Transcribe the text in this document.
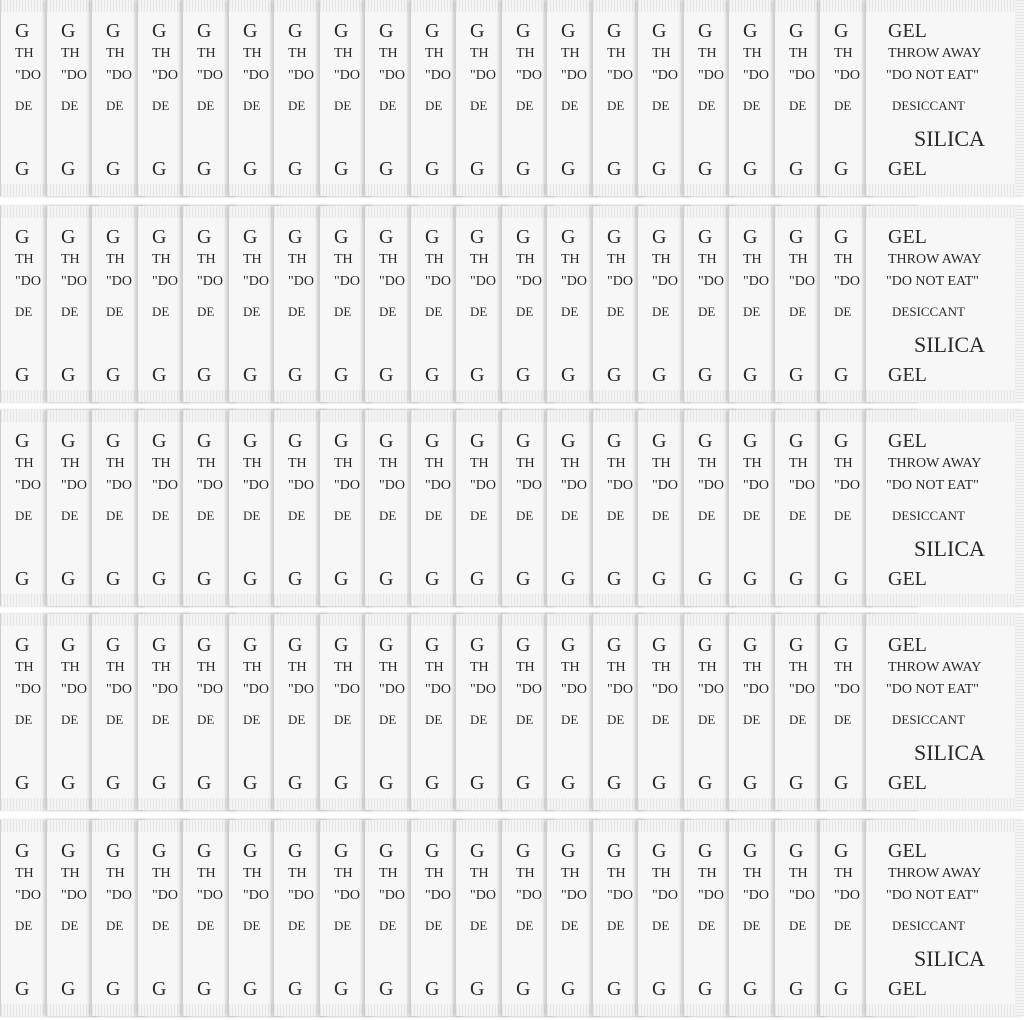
G
TH
"DO
DE
G
G
TH
"DO
DE
G
G
TH
"DO
DE
G
G
TH
"DO
DE
G
G
TH
"DO
DE
G
G
TH
"DO
DE
G
G
TH
"DO
DE
G
G
TH
"DO
DE
G
G
TH
"DO
DE
G
G
TH
"DO
DE
G
G
TH
"DO
DE
G
G
TH
"DO
DE
G
G
TH
"DO
DE
G
G
TH
"DO
DE
G
G
TH
"DO
DE
G
G
TH
"DO
DE
G
G
TH
"DO
DE
G
G
TH
"DO
DE
G
G
TH
"DO
DE
G
GEL
THROW AWAY
"DO NOT EAT"
DESICCANT
SILICA
GEL
G
TH
"DO
DE
G
G
TH
"DO
DE
G
G
TH
"DO
DE
G
G
TH
"DO
DE
G
G
TH
"DO
DE
G
G
TH
"DO
DE
G
G
TH
"DO
DE
G
G
TH
"DO
DE
G
G
TH
"DO
DE
G
G
TH
"DO
DE
G
G
TH
"DO
DE
G
G
TH
"DO
DE
G
G
TH
"DO
DE
G
G
TH
"DO
DE
G
G
TH
"DO
DE
G
G
TH
"DO
DE
G
G
TH
"DO
DE
G
G
TH
"DO
DE
G
G
TH
"DO
DE
G
GEL
THROW AWAY
"DO NOT EAT"
DESICCANT
SILICA
GEL
G
TH
"DO
DE
G
G
TH
"DO
DE
G
G
TH
"DO
DE
G
G
TH
"DO
DE
G
G
TH
"DO
DE
G
G
TH
"DO
DE
G
G
TH
"DO
DE
G
G
TH
"DO
DE
G
G
TH
"DO
DE
G
G
TH
"DO
DE
G
G
TH
"DO
DE
G
G
TH
"DO
DE
G
G
TH
"DO
DE
G
G
TH
"DO
DE
G
G
TH
"DO
DE
G
G
TH
"DO
DE
G
G
TH
"DO
DE
G
G
TH
"DO
DE
G
G
TH
"DO
DE
G
GEL
THROW AWAY
"DO NOT EAT"
DESICCANT
SILICA
GEL
G
TH
"DO
DE
G
G
TH
"DO
DE
G
G
TH
"DO
DE
G
G
TH
"DO
DE
G
G
TH
"DO
DE
G
G
TH
"DO
DE
G
G
TH
"DO
DE
G
G
TH
"DO
DE
G
G
TH
"DO
DE
G
G
TH
"DO
DE
G
G
TH
"DO
DE
G
G
TH
"DO
DE
G
G
TH
"DO
DE
G
G
TH
"DO
DE
G
G
TH
"DO
DE
G
G
TH
"DO
DE
G
G
TH
"DO
DE
G
G
TH
"DO
DE
G
G
TH
"DO
DE
G
GEL
THROW AWAY
"DO NOT EAT"
DESICCANT
SILICA
GEL
G
TH
"DO
DE
G
G
TH
"DO
DE
G
G
TH
"DO
DE
G
G
TH
"DO
DE
G
G
TH
"DO
DE
G
G
TH
"DO
DE
G
G
TH
"DO
DE
G
G
TH
"DO
DE
G
G
TH
"DO
DE
G
G
TH
"DO
DE
G
G
TH
"DO
DE
G
G
TH
"DO
DE
G
G
TH
"DO
DE
G
G
TH
"DO
DE
G
G
TH
"DO
DE
G
G
TH
"DO
DE
G
G
TH
"DO
DE
G
G
TH
"DO
DE
G
G
TH
"DO
DE
G
GEL
THROW AWAY
"DO NOT EAT"
DESICCANT
SILICA
GEL
